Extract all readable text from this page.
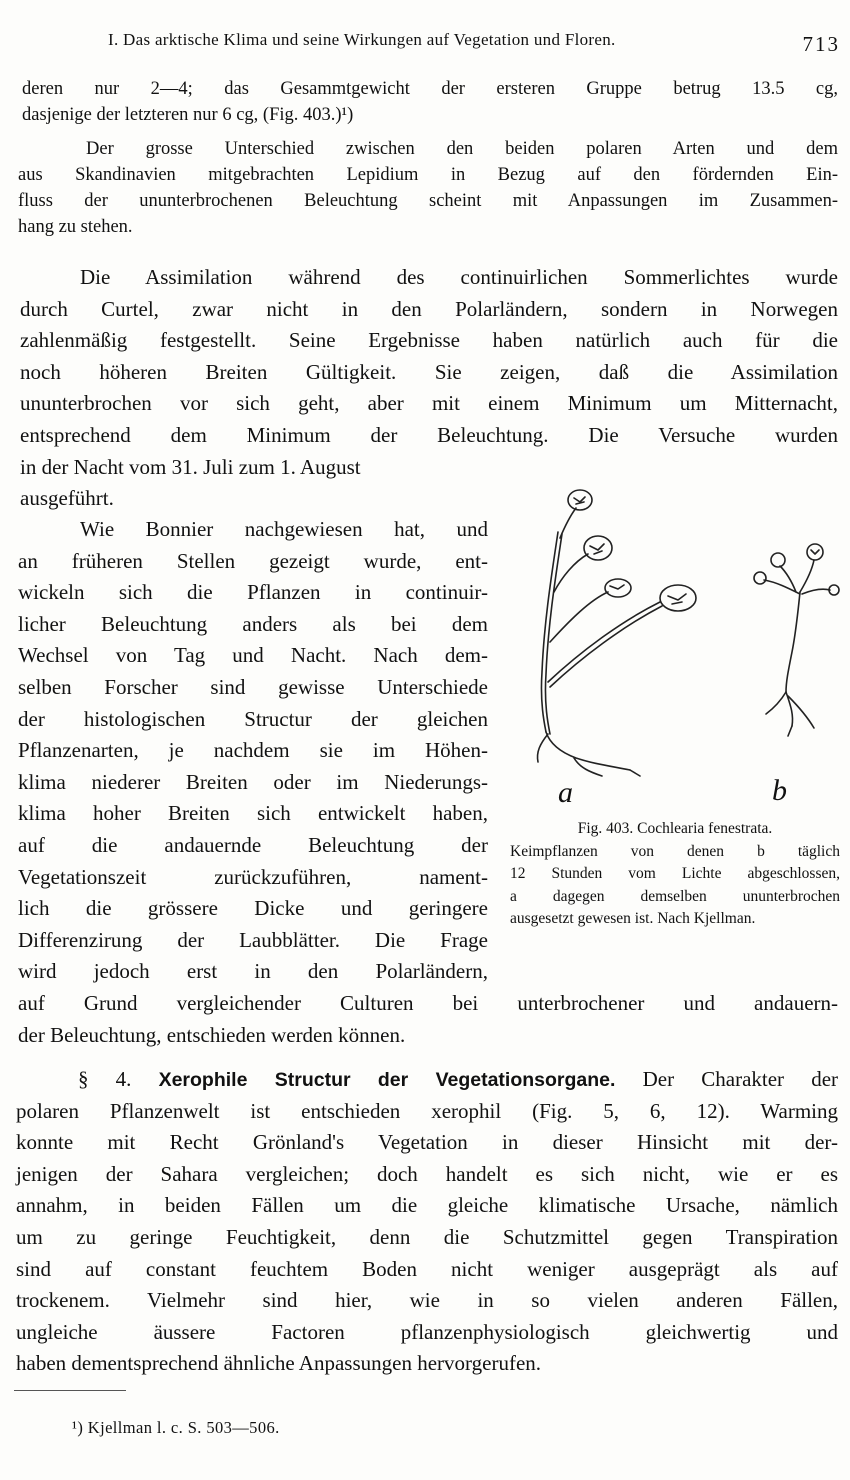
I. Das arktische Klima und seine Wirkungen auf Vegetation und Floren.	713
deren nur 2—4; das Gesammtgewicht der ersteren Gruppe betrug 13.5 cg,
dasjenige der letzteren nur 6 cg, (Fig. 403.)¹)
Der grosse Unterschied zwischen den beiden polaren Arten und dem
aus Skandinavien mitgebrachten Lepidium in Bezug auf den fördernden Ein-
fluss der ununterbrochenen Beleuchtung scheint mit Anpassungen im Zusammen-
hang zu stehen.
Die Assimilation während des continuirlichen Sommerlichtes wurde
durch Curtel, zwar nicht in den Polarländern, sondern in Norwegen
zahlenmäßig festgestellt. Seine Ergebnisse haben natürlich auch für die
noch höheren Breiten Gültigkeit. Sie zeigen, daß die Assimilation
ununterbrochen vor sich geht, aber mit einem Minimum um Mitternacht,
entsprechend dem Minimum der Beleuchtung. Die Versuche wurden
in der Nacht vom 31. Juli zum 1. August
ausgeführt.
Wie Bonnier nachgewiesen hat, und
an früheren Stellen gezeigt wurde, ent-
wickeln sich die Pflanzen in continuir-
licher Beleuchtung anders als bei dem
Wechsel von Tag und Nacht. Nach dem-
selben Forscher sind gewisse Unterschiede
der histologischen Structur der gleichen
Pflanzenarten, je nachdem sie im Höhen-
klima niederer Breiten oder im Niederungs-
klima hoher Breiten sich entwickelt haben,
auf die andauernde Beleuchtung der
Vegetationszeit zurückzuführen, nament-
lich die grössere Dicke und geringere
Differenzirung der Laubblätter. Die Frage
wird jedoch erst in den Polarländern,
auf Grund vergleichender Culturen bei unterbrochener und andauern-
der Beleuchtung, entschieden werden können.
§ 4. Xerophile Structur der Vegetationsorgane. Der Charakter der
polaren Pflanzenwelt ist entschieden xerophil (Fig. 5, 6, 12). Warming
konnte mit Recht Grönland's Vegetation in dieser Hinsicht mit der-
jenigen der Sahara vergleichen; doch handelt es sich nicht, wie er es
annahm, in beiden Fällen um die gleiche klimatische Ursache, nämlich
um zu geringe Feuchtigkeit, denn die Schutzmittel gegen Transpiration
sind auf constant feuchtem Boden nicht weniger ausgeprägt als auf
trockenem. Vielmehr sind hier, wie in so vielen anderen Fällen,
ungleiche äussere Factoren pflanzenphysiologisch gleichwertig und
haben dementsprechend ähnliche Anpassungen hervorgerufen.
a	b
Fig. 403. Cochlearia fenestrata.
Keimpflanzen von denen b täglich
12 Stunden vom Lichte abgeschlossen,
a dagegen demselben ununterbrochen
ausgesetzt gewesen ist. Nach Kjellman.
¹) Kjellman l. c. S. 503—506.
